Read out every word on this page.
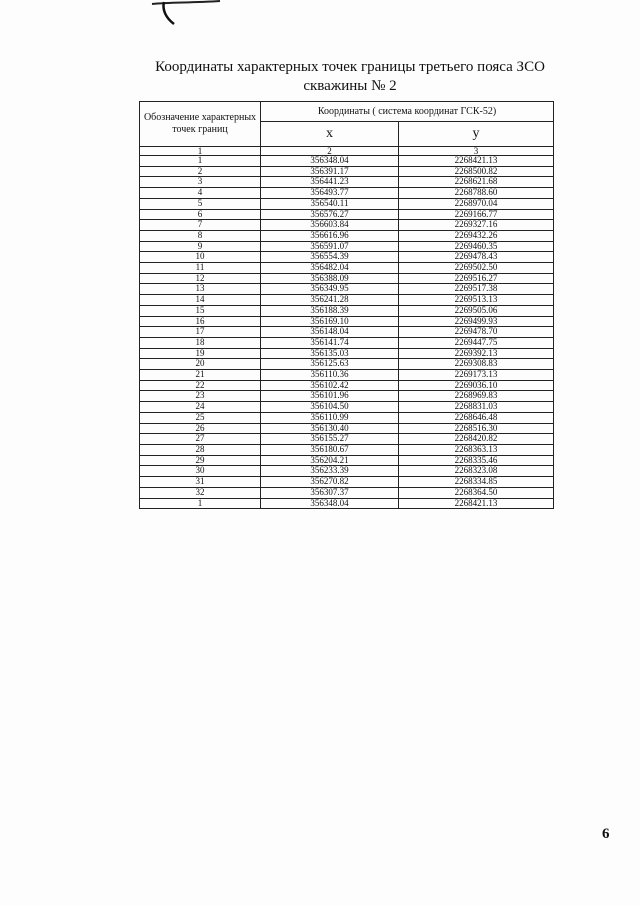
Координаты характерных точек границы третьего пояса ЗСО
скважины № 2
Обозначение характерных точек границ	Координаты ( система координат ГСК-52)	
	x	y
1	2	3
1	356348.04	2268421.13
2	356391.17	2268500.82
3	356441.23	2268621.68
4	356493.77	2268788.60
5	356540.11	2268970.04
6	356576.27	2269166.77
7	356603.84	2269327.16
8	356616.96	2269432.26
9	356591.07	2269460.35
10	356554.39	2269478.43
11	356482.04	2269502.50
12	356388.09	2269516.27
13	356349.95	2269517.38
14	356241.28	2269513.13
15	356188.39	2269505.06
16	356169.10	2269499.93
17	356148.04	2269478.70
18	356141.74	2269447.75
19	356135.03	2269392.13
20	356125.63	2269308.83
21	356110.36	2269173.13
22	356102.42	2269036.10
23	356101.96	2268969.83
24	356104.50	2268831.03
25	356110.99	2268646.48
26	356130.40	2268516.30
27	356155.27	2268420.82
28	356180.67	2268363.13
29	356204.21	2268335.46
30	356233.39	2268323.08
31	356270.82	2268334.85
32	356307.37	2268364.50
1	356348.04	2268421.13
6
